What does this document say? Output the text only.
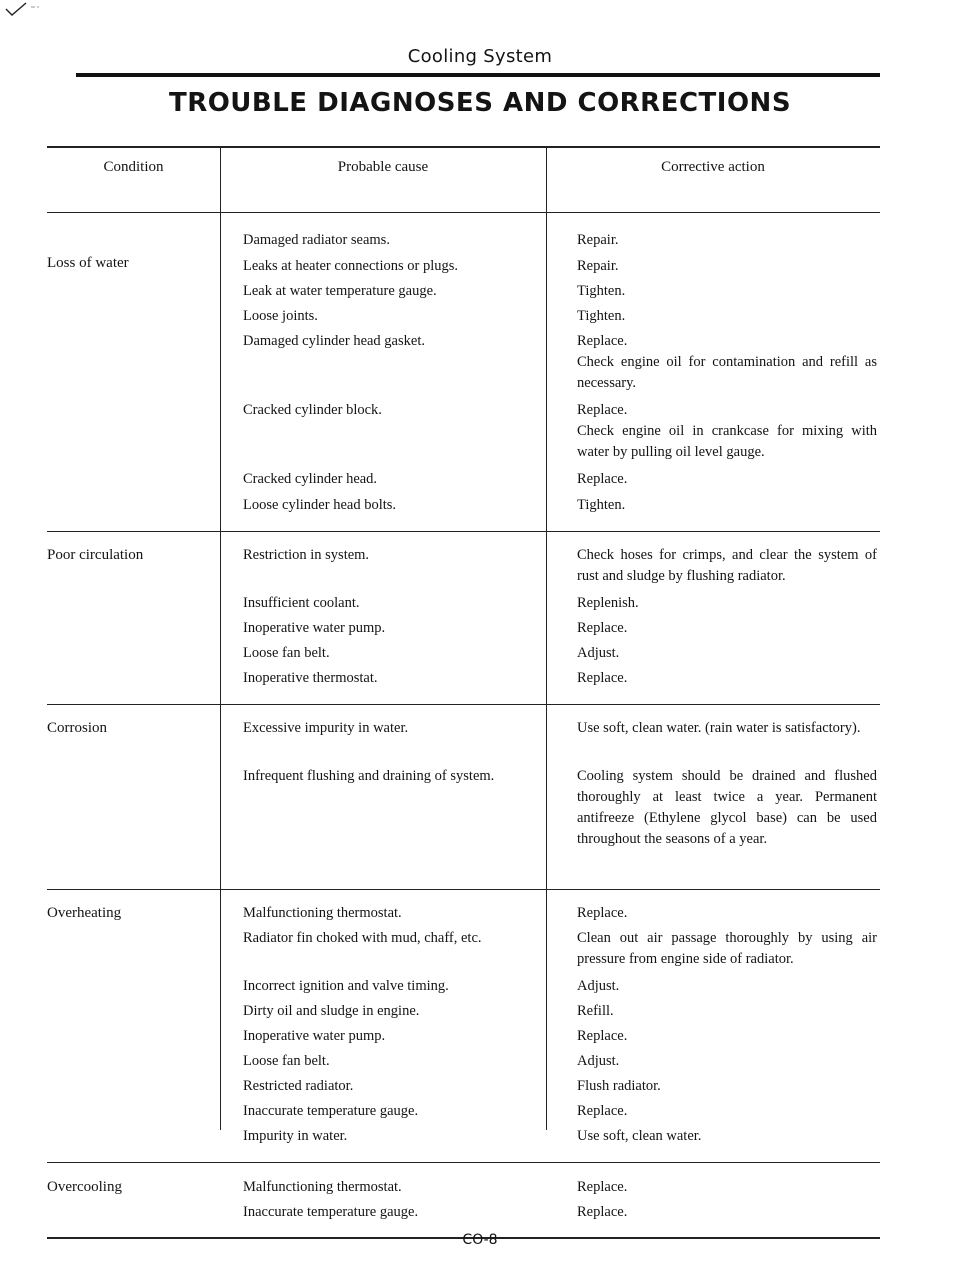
Cooling System
TROUBLE DIAGNOSES AND CORRECTIONS
Condition	Probable cause	Corrective action
Loss of water
Damaged radiator seams.	Repair.
Leaks at heater connections or plugs.	Repair.
Leak at water temperature gauge.	Tighten.
Loose joints.	Tighten.
Damaged cylinder head gasket.	Replace.
Check engine oil for contamination and refill as necessary.
Cracked cylinder block.	Replace.
Check engine oil in crankcase for mixing with water by pulling oil level gauge.
Cracked cylinder head.	Replace.
Loose cylinder head bolts.	Tighten.
Poor circulation	Restriction in system.	Check hoses for crimps, and clear the system of rust and sludge by flushing radiator.
Insufficient coolant.	Replenish.
Inoperative water pump.	Replace.
Loose fan belt.	Adjust.
Inoperative thermostat.	Replace.
Corrosion	Excessive impurity in water.	Use soft, clean water. (rain water is satisfactory).
Infrequent flushing and draining of system.	Cooling system should be drained and flushed thoroughly at least twice a year. Permanent antifreeze (Ethylene glycol base) can be used throughout the seasons of a year.
Overheating	Malfunctioning thermostat.	Replace.
Radiator fin choked with mud, chaff, etc.	Clean out air passage thoroughly by using air pressure from engine side of radiator.
Incorrect ignition and valve timing.	Adjust.
Dirty oil and sludge in engine.	Refill.
Inoperative water pump.	Replace.
Loose fan belt.	Adjust.
Restricted radiator.	Flush radiator.
Inaccurate temperature gauge.	Replace.
Impurity in water.	Use soft, clean water.
Overcooling	Malfunctioning thermostat.	Replace.
Inaccurate temperature gauge.	Replace.
CO-8
